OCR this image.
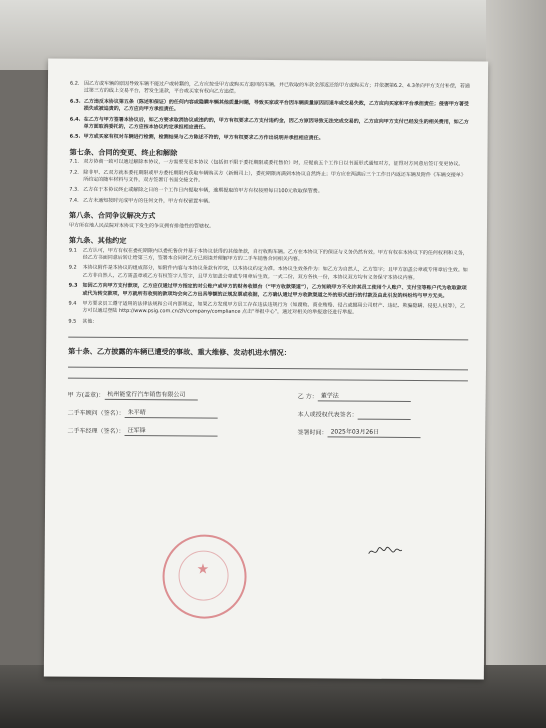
6.2. 因乙方或车辆的原因导致车辆不能过户或转籍的，乙方应按受甲方或购买方退回的车辆，并已收取的车款全部返还给甲方或购买方；并依据第6.2、4.3条向甲方支付补偿，若通过第三方的线上交易平台，若发生退款，平台或买家有权向乙方追偿。
6.3. 乙方违反本协议第五条（陈述和保证）的任何内容或隐瞒车辆其他质量问题，导致买家或平台因车辆质量原因而退车或交易失败，乙方应向买家和平台承担责任；侵害甲方著受损失或被追责的，乙方应向甲方承担责任。
6.4. 在乙方与甲方签署本协议后，如乙方要求取消协议或违约的，甲方有权要求乙方支付违约金，因乙方原因导致无法完成交易的，乙方应向甲方支付已经发生的相关费用，如乙方单方面取消委托的，乙方应按本协议约定承担相应责任。
6.5. 甲方或买家有权对车辆进行检测，检测结果与乙方陈述不符的，甲方有权要求乙方作出说明并承担相应责任。
第七条、合同的变更、终止和解除
7.1. 双方协商一致可以通过解除本协议，一方需要变更本协议（包括但不限于委托期限或委托售价）时，应提前五个工作日以书面形式通知对方，征得对方同意后签订变更协议。
7.2. 除非甲、乙双方就本委托期限或甲方委托期限内获取车辆购买方（新辑司上），委托期限再满到本协议自然终止；甲方应在两满后三个工作日内返还车辆及附件《车辆交接单》所约定的随车材料与文件，双方签署订书面交接文件。
7.3. 乙方在于本协议终止或解除之日的一个工作日内提取车辆，逾期提取的甲方有权按照每日100元收取保管费。
7.4. 乙方未通知按时完成甲方的任何文件，甲方有权留置车辆。
第八条、合同争议解决方式
甲方所在地人民法院对本协议下发生的争议拥有排他性的管辖权。
第九条、其他约定
9.1	乙方认可，甲方有权在委托期限内以委托售价并基于本协议获得的其他条款，自行收购车辆。乙方在本协议下的保证与义务仍然有效。甲方有权在本协议下的任何权利和义务，经乙方书面同意后转让给第三方，签署本合同时乙方已阅读并理解甲方的二手车销售合同相关内容。
9.2	本协议附件是本协议的组成部分，如附件内容与本协议条款有冲突，以本协议约定为准。本协议生效条件为：如乙方为自然人，乙方签字；且甲方加盖公章或专用章后生效。如乙方非自然人，乙方需盖章或乙方有权签字人签字，且甲方加盖公章或专用章后生效。一式二份，双方各执一份，本协议双方均有义务保守本协议内容。
9.3	如因乙方向甲方支付款项，乙方应仅通过甲方指定的对公账户或甲方的财务收银台（“甲方收款渠道”），乙方知晓甲方不允许其员工使用个人账户、支付宝等账户代为收取款项或代为转交款项，甲方就所有收到的款项均会向乙方出具等额的正规发票或收据，乙方确认通过甲方收款渠道之外的形式进行的付款及由此引发的纠纷均与甲方无关。
9.4	甲方要求员工遵守适用的法律法规和公司内部规定，如果乙方发现甲方员工存在违法违规行为（如腐败、商业贿赂、侵占或挪用公司财产、违纪、欺骗隐瞒、侵犯人权等），乙方可以通过登陆 http://www.psig.com.cn/zh/company/compliance 点击“举报中心”，通过对相关的举报途径进行举报。
9.5	其他：
第十条、乙方披露的车辆已遭受的事故、重大维修、发动机进水情况：
甲 方(盖章)： 杭州能堂行汽车销售有限公司
二手车顾问（签名）： 朱平晴
二手车经理（签名）： 汪军锋
乙 方： 董学法
本人或授权代表签名：
签署时间： 2025年03月26日
★
